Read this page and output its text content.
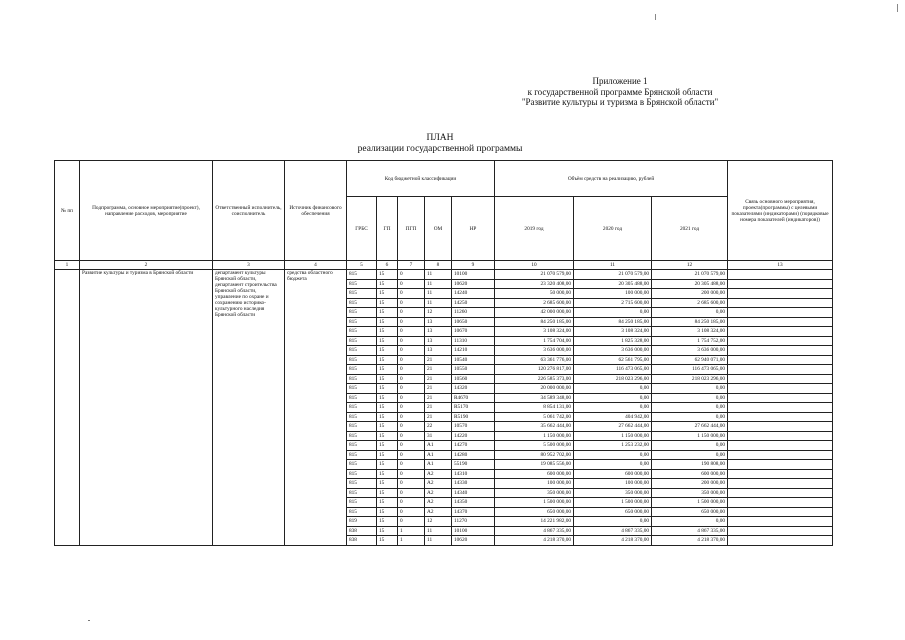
Приложение 1
к государственной программе Брянской области
"Развитие культуры и туризма в Брянской области"
ПЛАН
реализации государственной программы
№ пп	Подпрограмма, основное мероприятие(проект), направление расходов, мероприятие	Ответственный исполнитель, соисполнитель	Источник финансового обеспечения	Код бюджетной классификации					Объём средств на реализацию, рублей			Связь основного мероприятия, проекта(программы) с целевыми показателями (индикаторами) (порядковые номера показателей (индикаторов))
				ГРБС	ГП	ПГП	ОМ	НР	2019 год	2020 год	2021 год	
1	2	3	4	5	6	7	8	9	10	11	12	13
	Развитие культуры и туризма в Брянской области	департамент культуры Брянской области, департамент строительства Брянской области, управление по охране и сохранению историко-культурного наследия Брянской области	средства областного бюджета	815	15	0	11	10100	21 070 579,00	21 070 579,00	21 070 579,00	
				815	15	0	11	10620	23 320 408,00	20 305 488,00	20 305 488,00	
				815	15	0	11	14240	50 000,00	100 000,00	200 000,00	
				815	15	0	11	14250	2 685 600,00	2 715 600,00	2 685 600,00	
				815	15	0	12	11260	42 000 000,00	0,00	0,00	
				815	15	0	13	10650	84 250 185,00	84 250 185,00	84 250 185,00	
				815	15	0	13	10670	3 108 324,00	3 108 324,00	3 108 324,00	
				815	15	0	13	11310	1 754 704,00	1 825 328,00	1 754 752,00	
				815	15	0	13	14210	3 636 000,00	3 636 000,00	3 636 000,00	
				815	15	0	21	10540	63 361 776,00	62 561 795,00	62 940 071,00	
				815	15	0	21	10550	120 276 817,00	116 473 065,00	116 473 065,00	
				815	15	0	21	10560	226 585 373,00	218 023 296,00	218 023 296,00	
				815	15	0	21	14320	20 000 000,00	0,00	0,00	
				815	15	0	21	R4670	34 589 348,00	0,00	0,00	
				815	15	0	21	R5170	8 854 131,00	0,00	0,00	
				815	15	0	21	R5190	5 061 742,00	404 942,00	0,00	
				815	15	0	22	10570	35 662 444,00	27 662 444,00	27 662 444,00	
				815	15	0	31	14220	1 150 000,00	1 150 000,00	1 150 000,00	
				815	15	0	A1	14270	5 500 000,00	1 253 232,00	0,00	
				815	15	0	A1	14280	80 952 702,00	0,00	0,00	
				815	15	0	A1	55190	19 085 556,00	0,00	190 808,00	
				815	15	0	A2	14310	600 000,00	600 000,00	600 000,00	
				815	15	0	A2	14330	100 000,00	100 000,00	200 000,00	
				815	15	0	A2	14340	350 000,00	350 000,00	350 000,00	
				815	15	0	A2	14350	1 500 000,00	1 500 000,00	1 500 000,00	
				815	15	0	A2	14370	650 000,00	650 000,00	650 000,00	
				819	15	0	12	11270	14 221 982,00	0,00	0,00	
				838	15	1	11	10100	4 867 335,00	4 867 335,00	4 867 335,00	
				838	15	1	11	10620	4 218 370,00	4 218 370,00	4 218 370,00	
